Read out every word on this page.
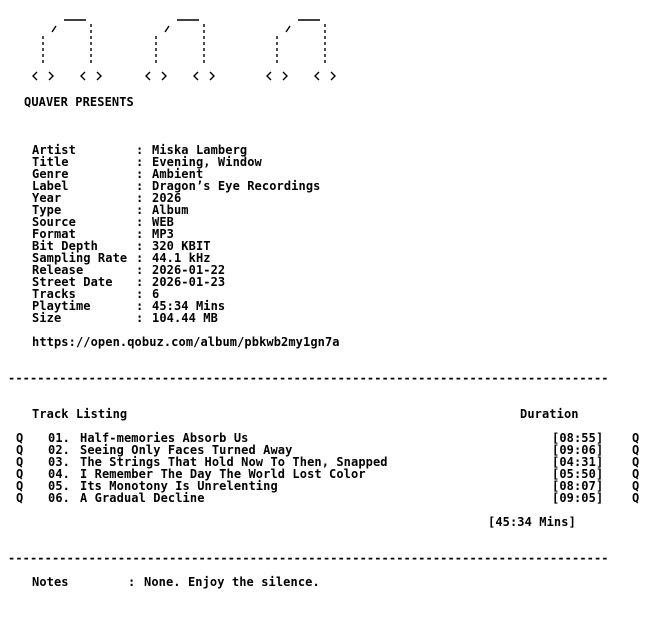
QUAVER PRESENTS
Artist	: Miska Lamberg
Title	: Evening, Window
Genre	: Ambient
Label	: Dragon’s Eye Recordings
Year	: 2026
Type	: Album
Source	: WEB
Format	: MP3
Bit Depth	: 320 KBIT
Sampling Rate : 44.1 kHz
Release	: 2026-01-22
Street Date : 2026-01-23
Tracks	: 6
Playtime	: 45:34 Mins
Size	: 104.44 MB
https://open.qobuz.com/album/pbkwb2my1gn7a
----------------------------------------------------------------------------------
Track Listing	Duration
Q 01. Half-memories Absorb Us	[08:55] Q
Q 02. Seeing Only Faces Turned Away	[09:06] Q
Q 03. The Strings That Hold Now To Then, Snapped	[04:31] Q
Q 04. I Remember The Day The World Lost Color	[05:50] Q
Q 05. Its Monotony Is Unrelenting	[08:07] Q
Q 06. A Gradual Decline	[09:05] Q
[45:34 Mins]
----------------------------------------------------------------------------------
Notes	: None. Enjoy the silence.
